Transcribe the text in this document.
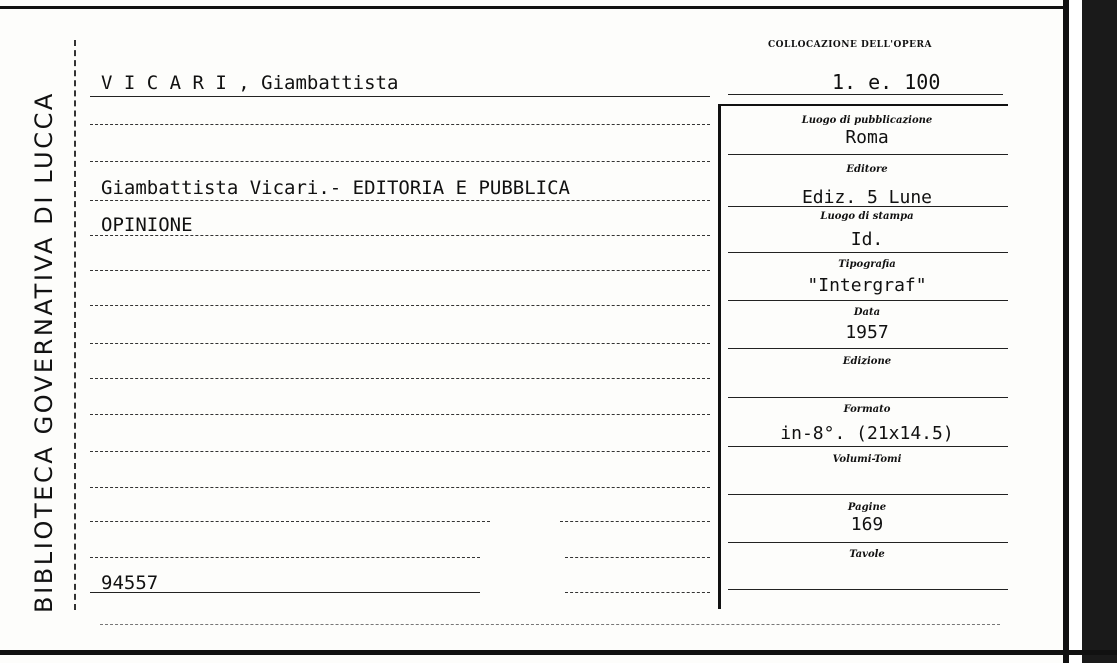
BIBLIOTECA GOVERNATIVA DI LUCCA
COLLOCAZIONE DELL'OPERA
1. e. 100
V I C A R I , Giambattista
Giambattista Vicari.- EDITORIA E PUBBLICA
OPINIONE
94557
Luogo di pubblicazione
Roma
Editore
Ediz. 5 Lune
Luogo di stampa
Id.
Tipografia
"Intergraf"
Data
1957
Edizione
Formato
in-8°. (21x14.5)
Volumi-Tomi
Pagine
169
Tavole
